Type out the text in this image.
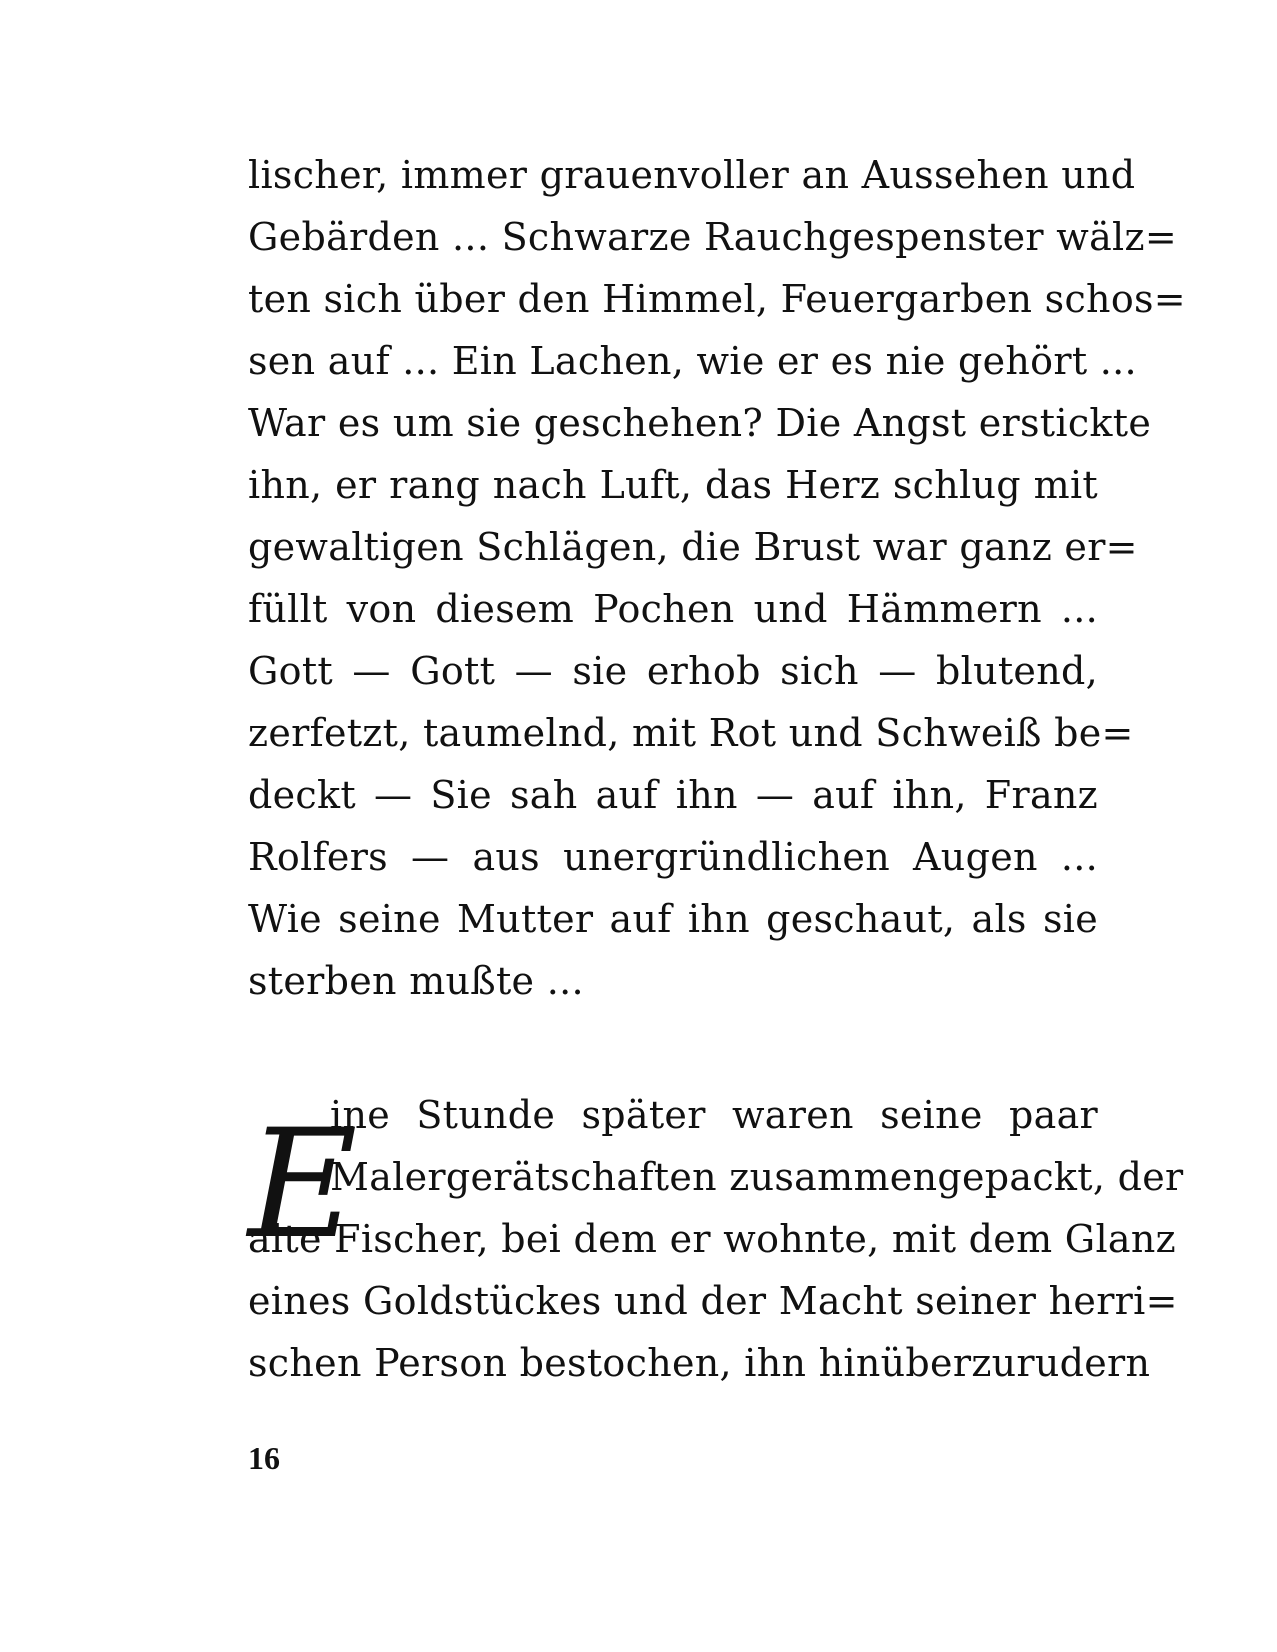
lischer, immer grauenvoller an Aussehen und
Gebärden ... Schwarze Rauchgespenster wälz=
ten sich über den Himmel, Feuergarben schos=
sen auf ... Ein Lachen, wie er es nie gehört ...
War es um sie geschehen? Die Angst erstickte
ihn, er rang nach Luft, das Herz schlug mit
gewaltigen Schlägen, die Brust war ganz er=
füllt von diesem Pochen und Hämmern ...
Gott — Gott — sie erhob sich — blutend,
zerfetzt, taumelnd, mit Rot und Schweiß be=
deckt — Sie sah auf ihn — auf ihn, Franz
Rolfers — aus unergründlichen Augen ...
Wie seine Mutter auf ihn geschaut, als sie
sterben mußte ...
E
ine Stunde später waren seine paar
Malergerätschaften zusammengepackt, der
alte Fischer, bei dem er wohnte, mit dem Glanz
eines Goldstückes und der Macht seiner herri=
schen Person bestochen, ihn hinüberzurudern
16
